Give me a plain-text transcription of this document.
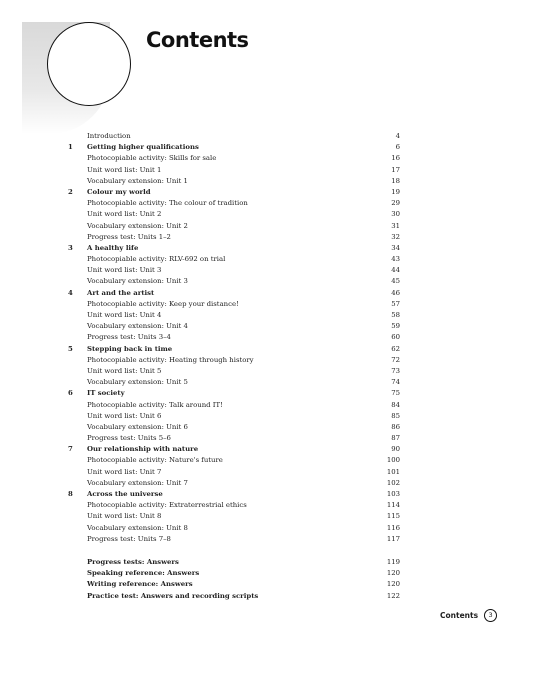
Contents
Introduction	4
1 Getting higher qualifications	6
Photocopiable activity: Skills for sale	16
Unit word list: Unit 1	17
Vocabulary extension: Unit 1	18
2 Colour my world	19
Photocopiable activity: The colour of tradition	29
Unit word list: Unit 2	30
Vocabulary extension: Unit 2	31
Progress test: Units 1–2	32
3 A healthy life	34
Photocopiable activity: RLV-692 on trial	43
Unit word list: Unit 3	44
Vocabulary extension: Unit 3	45
4 Art and the artist	46
Photocopiable activity: Keep your distance!	57
Unit word list: Unit 4	58
Vocabulary extension: Unit 4	59
Progress test: Units 3–4	60
5 Stepping back in time	62
Photocopiable activity: Heating through history	72
Unit word list: Unit 5	73
Vocabulary extension: Unit 5	74
6 IT society	75
Photocopiable activity: Talk around IT!	84
Unit word list: Unit 6	85
Vocabulary extension: Unit 6	86
Progress test: Units 5–6	87
7 Our relationship with nature	90
Photocopiable activity: Nature's future	100
Unit word list: Unit 7	101
Vocabulary extension: Unit 7	102
8 Across the universe	103
Photocopiable activity: Extraterrestrial ethics	114
Unit word list: Unit 8	115
Vocabulary extension: Unit 8	116
Progress test: Units 7–8	117
Progress tests: Answers	119
Speaking reference: Answers	120
Writing reference: Answers	120
Practice test: Answers and recording scripts	122
Contents	3
